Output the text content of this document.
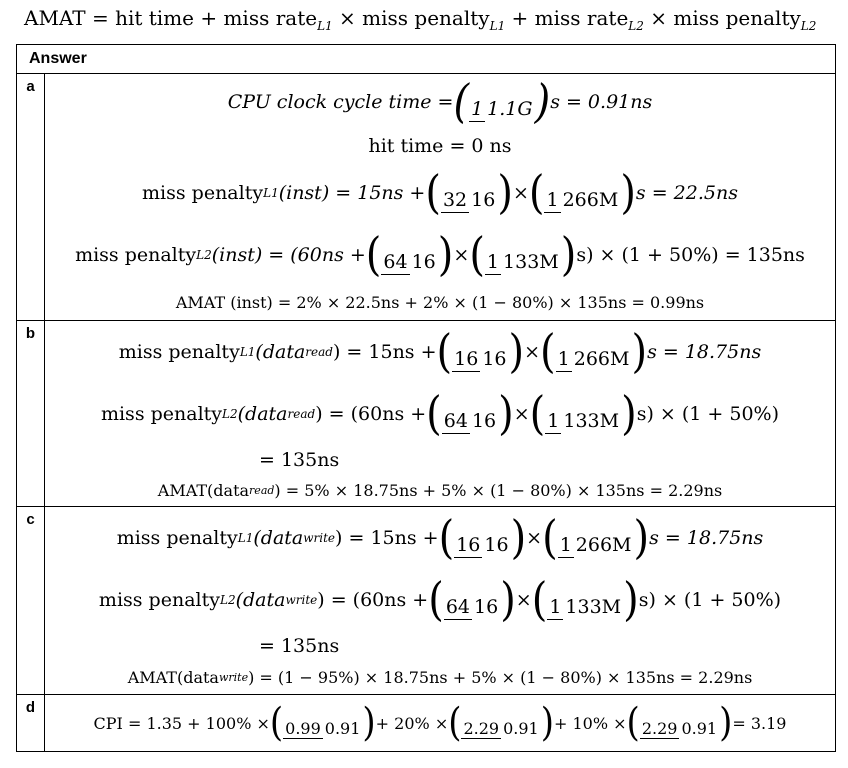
AMAT = hit time + miss rate$_{L1}$ × miss penalty$_{L1}$ + miss rate$_{L2}$ × miss penalty$_{L2}$
Answer
a
CPU clock cycle time = ( 1 1.1G) s = 0.91ns
hit time = 0 ns
miss penalty L1 (inst) = 15ns + ( 32 16) × ( 1 266M) s = 22.5ns
miss penalty L2 (inst) = (60ns + ( 64 16) × ( 1 133M) s) × (1 + 50%) = 135ns
AMAT (inst) = 2% × 22.5ns + 2% × (1 − 80%) × 135ns = 0.99ns
b
miss penalty L1 (data read ) = 15ns + ( 16 16) × ( 1 266M) s = 18.75ns
miss penalty L2 (data read ) = (60ns + ( 64 16) × ( 1 133M) s) × (1 + 50%)
= 135ns
AMAT(data read ) = 5% × 18.75ns + 5% × (1 − 80%) × 135ns = 2.29ns
c
miss penalty L1 (data write ) = 15ns + ( 16 16) × ( 1 266M) s = 18.75ns
miss penalty L2 (data write ) = (60ns + ( 64 16) × ( 1 133M) s) × (1 + 50%)
= 135ns
AMAT(data write ) = (1 − 95%) × 18.75ns + 5% × (1 − 80%) × 135ns = 2.29ns
d
CPI = 1.35 + 100% × ( 0.99 0.91) + 20% × ( 2.29 0.91) + 10% × ( 2.29 0.91) = 3.19
